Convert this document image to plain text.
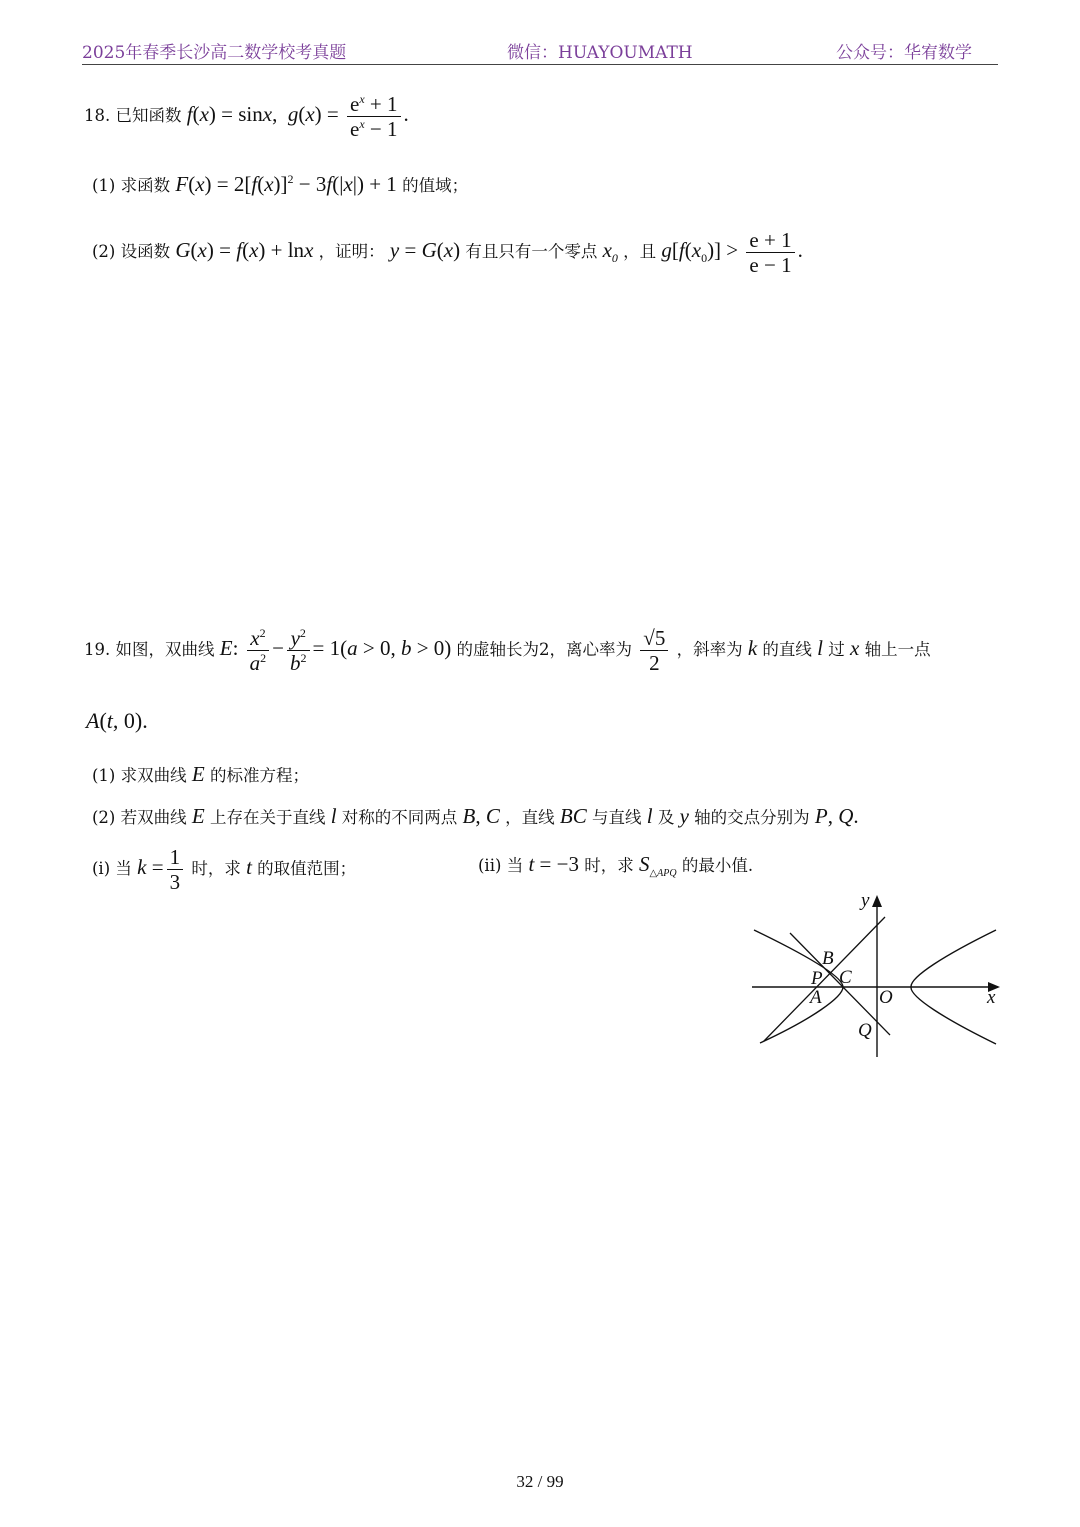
2025年春季长沙高二数学校考真题	微信：HUAYOUMATH	公众号：华宥数学
18. 已知函数 f(x) = sinx,  $g(x) = \frac{e^x + 1}{e^x - 1}$ .
(1) 求函数 $F(x) = 2[f(x)]^2 - 3f(|x|) + 1$ 的值域；
(2) 设函数 G(x) = f(x) + lnx ，证明： y = G(x) 有且只有一个零点 $x_0$ ，且 $g[f(x_0)] > \frac{e + 1}{e - 1}$ .
19. 如图，双曲线 E: $\frac{x^2}{a^2} - \frac{y^2}{b^2} = 1(a > 0$, b > 0) 的虚轴长为2，离心率为 $\frac{√5}{2}$ ，斜率为 k 的直线 l 过 x 轴上一点
A(t, 0).
(1) 求双曲线 E 的标准方程；
(2) 若双曲线 E 上存在关于直线 l 对称的不同两点 B, C ，直线 BC 与直线 l 及 y 轴的交点分别为 P, Q.
(i) 当 $k = \frac{1}{3}$ 时，求 t 的取值范围；	(ii) 当 t = −3 时，求 $S_{\triangle APQ}$ 的最小值.
y
x
B
P C
A	O
Q
32 / 99
